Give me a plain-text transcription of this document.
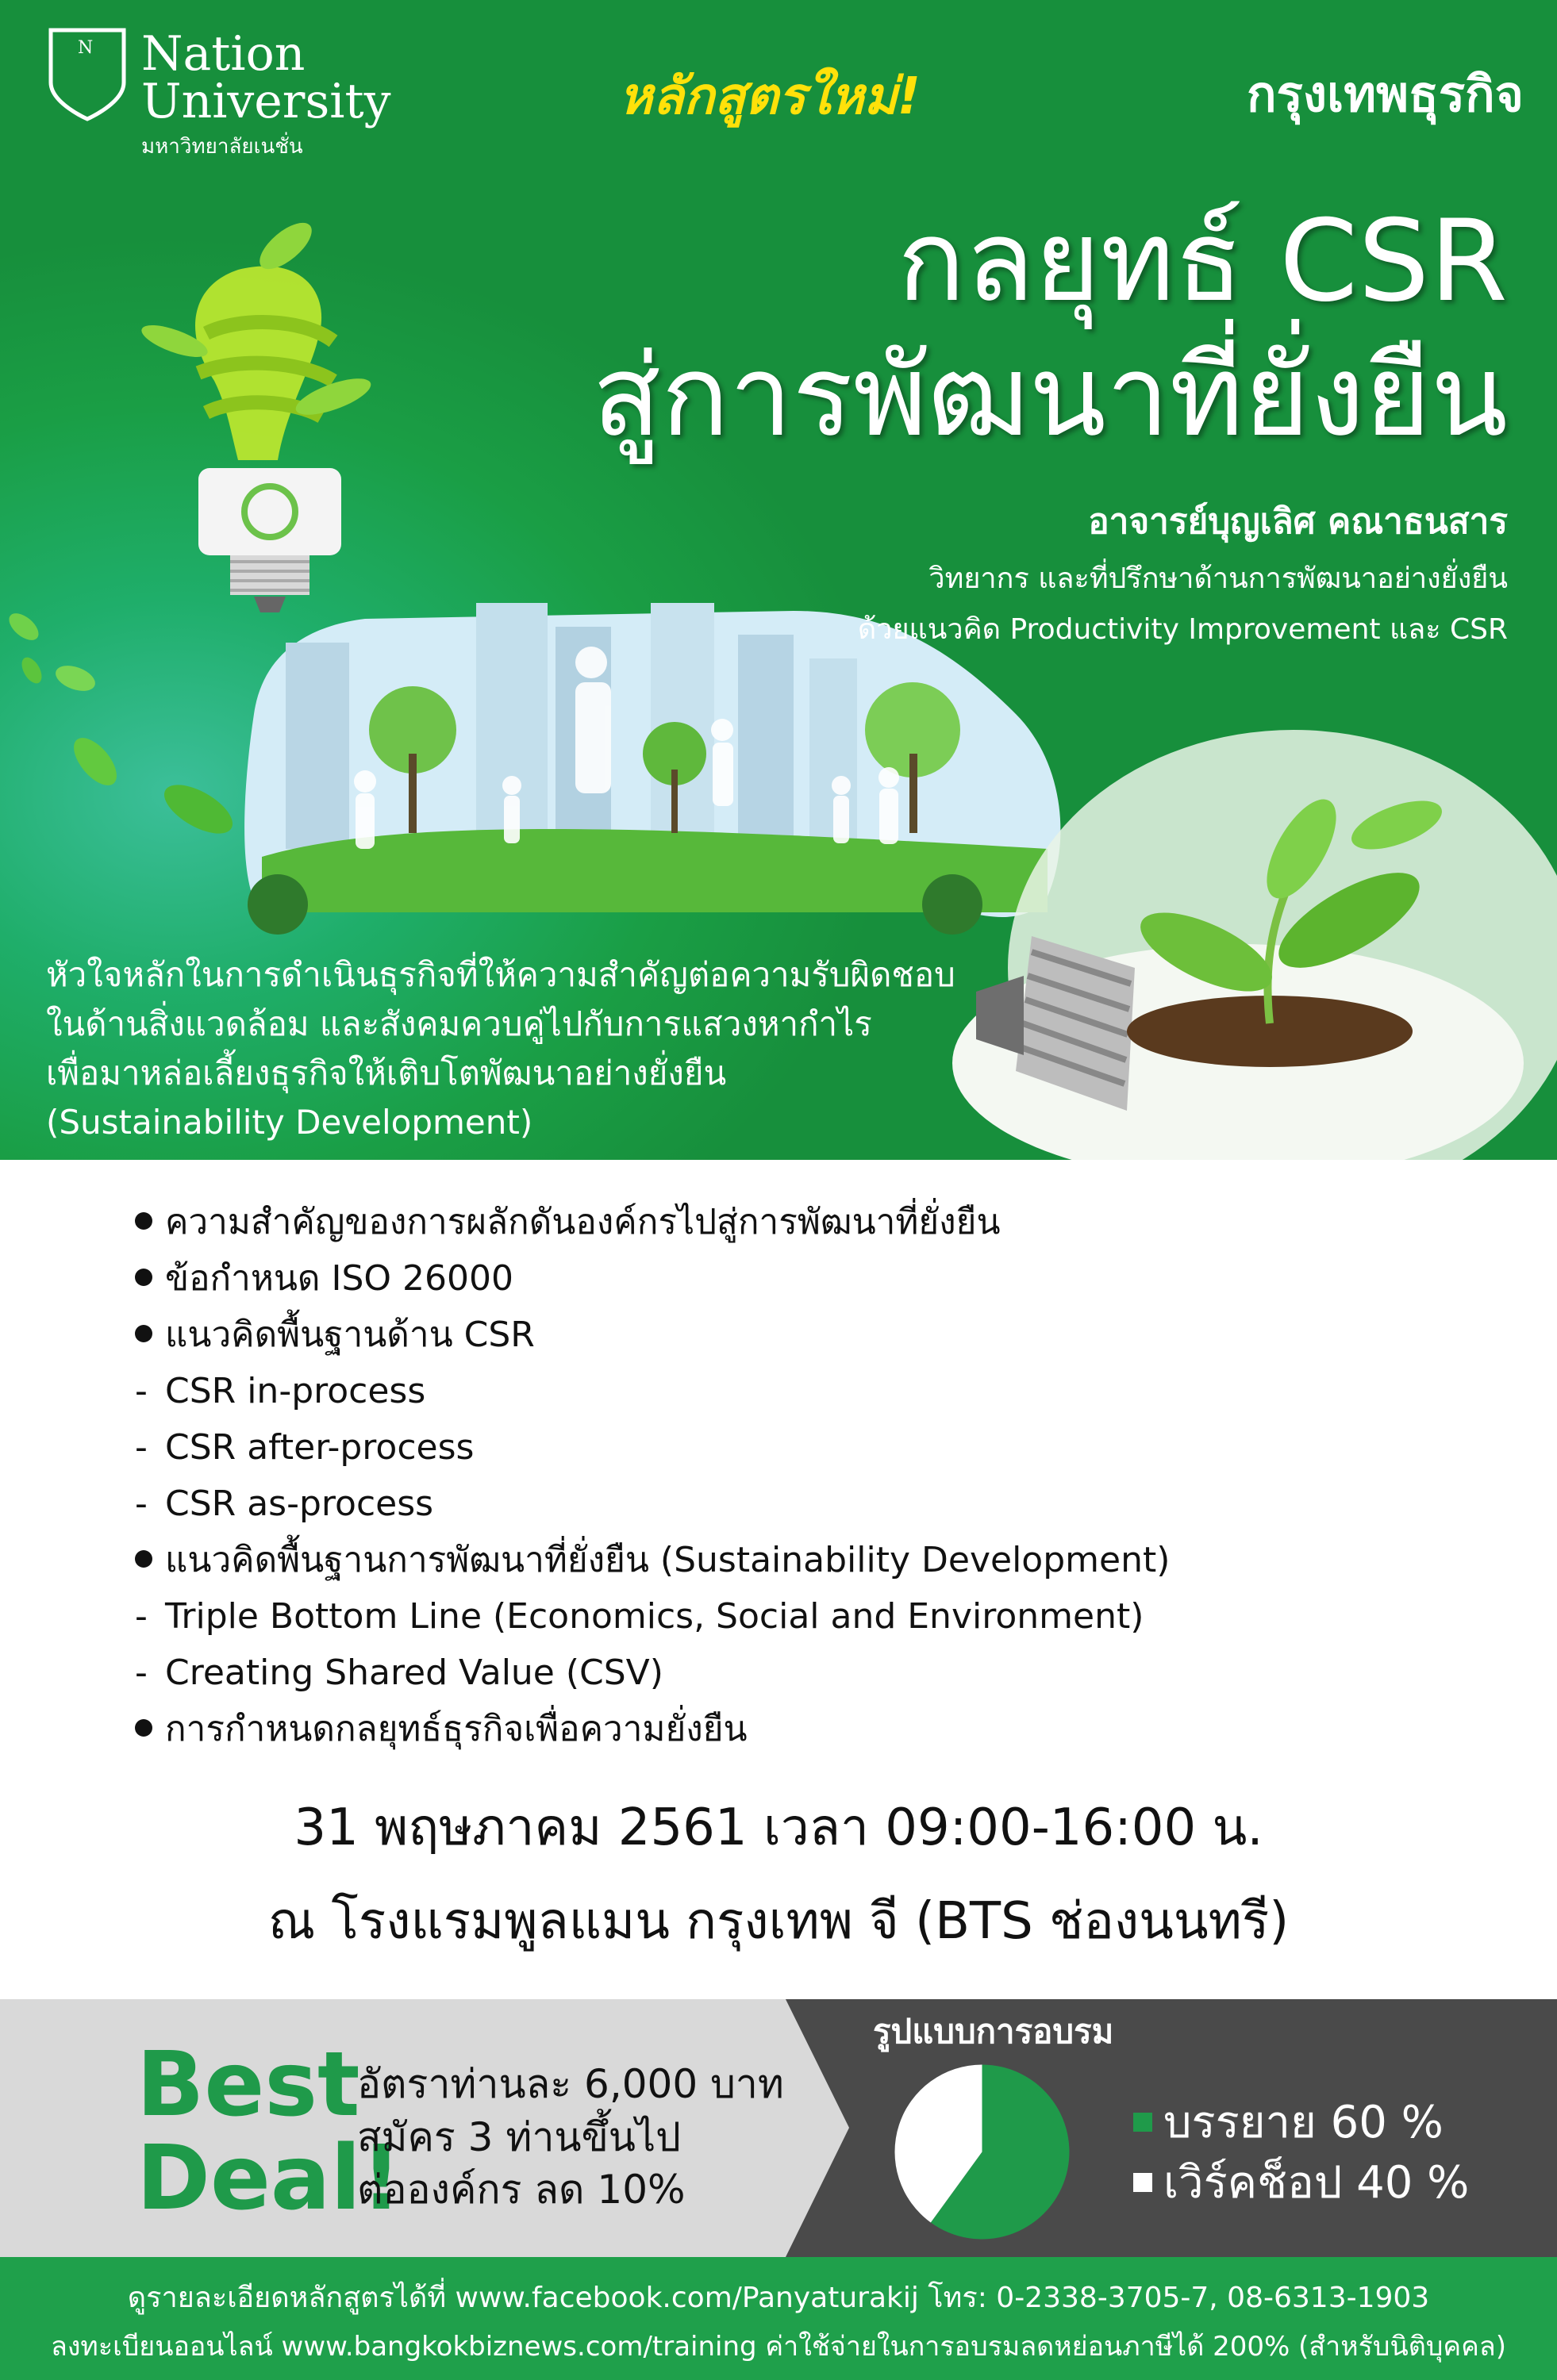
N Nation
University
มหาวิทยาลัยเนชั่น
หลักสูตรใหม่!	กรุงเทพธุรกิจ
กลยุทธ์ CSR
สู่การพัฒนาที่ยั่งยืน
อาจารย์บุญเลิศ คณาธนสาร
วิทยากร และที่ปรึกษาด้านการพัฒนาอย่างยั่งยืน
ด้วยแนวคิด Productivity Improvement และ CSR
หัวใจหลักในการดำเนินธุรกิจที่ให้ความสำคัญต่อความรับผิดชอบ
ในด้านสิ่งแวดล้อม และสังคมควบคู่ไปกับการแสวงหากำไร
เพื่อมาหล่อเลี้ยงธุรกิจให้เติบโตพัฒนาอย่างยั่งยืน
(Sustainability Development)
ความสำคัญของการผลักดันองค์กรไปสู่การพัฒนาที่ยั่งยืน
ข้อกำหนด ISO 26000
แนวคิดพื้นฐานด้าน CSR
- CSR in-process
- CSR after-process
- CSR as-process
แนวคิดพื้นฐานการพัฒนาที่ยั่งยืน (Sustainability Development)
- Triple Bottom Line (Economics, Social and Environment)
- Creating Shared Value (CSV)
การกำหนดกลยุทธ์ธุรกิจเพื่อความยั่งยืน
31 พฤษภาคม 2561 เวลา 09:00-16:00 น.
ณ โรงแรมพูลแมน กรุงเทพ จี (BTS ช่องนนทรี)
Best
Deal!
อัตราท่านละ 6,000 บาท
สมัคร 3 ท่านขึ้นไป
ต่อองค์กร ลด 10%
รูปแบบการอบรม
บรรยาย 60 %
เวิร์คช็อป 40 %
ดูรายละเอียดหลักสูตรได้ที่ www.facebook.com/Panyaturakij โทร: 0-2338-3705-7, 08-6313-1903
ลงทะเบียนออนไลน์ www.bangkokbiznews.com/training ค่าใช้จ่ายในการอบรมลดหย่อนภาษีได้ 200% (สำหรับนิติบุคคล)
